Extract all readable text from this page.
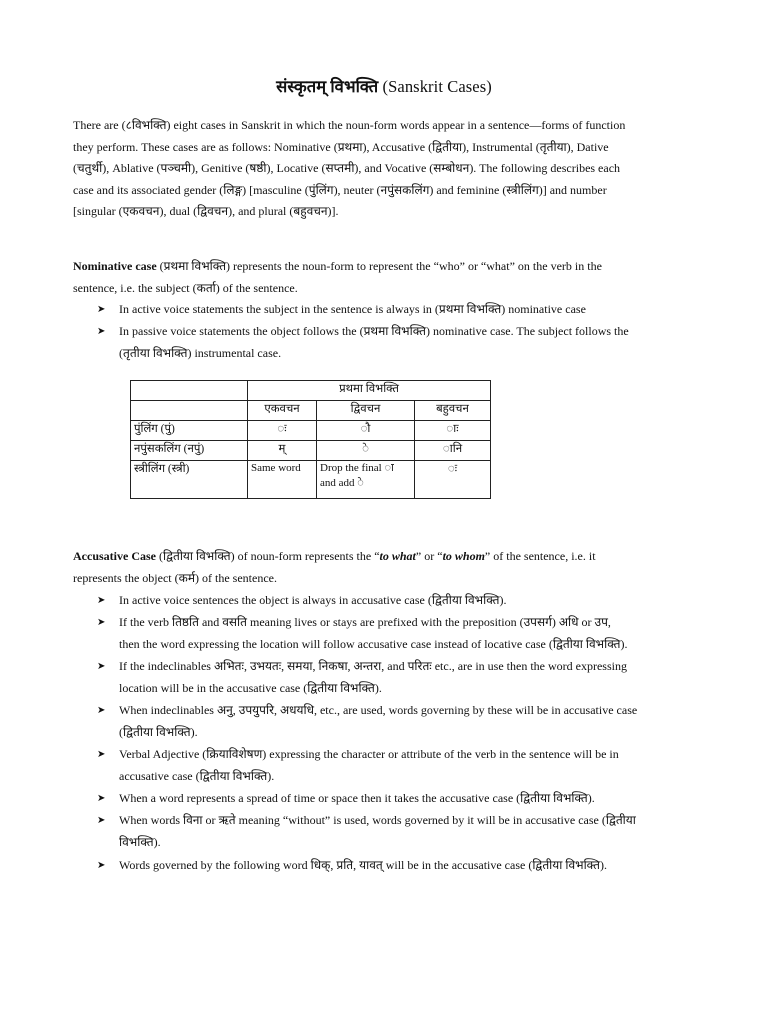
संस्कृतम् विभक्ति (Sanskrit Cases)
There are (८विभक्ति) eight cases in Sanskrit in which the noun-form words appear in a sentence—forms of function
they perform. These cases are as follows: Nominative (प्रथमा), Accusative (द्वितीया), Instrumental (तृतीया), Dative
(चतुर्थी), Ablative (पञ्चमी), Genitive (षष्ठी), Locative (सप्तमी), and Vocative (सम्बोधन). The following describes each
case and its associated gender (लिङ्ग) [masculine (पुंलिंग), neuter (नपुंसकलिंग) and feminine (स्त्रीलिंग)] and number
[singular (एकवचन), dual (द्विवचन), and plural (बहुवचन)].
Nominative case (प्रथमा विभक्ति) represents the noun-form to represent the “who” or “what” on the verb in the
sentence, i.e. the subject (कर्ता) of the sentence.
➤ In active voice statements the subject in the sentence is always in (प्रथमा विभक्ति) nominative case
➤ In passive voice statements the object follows the (प्रथमा विभक्ति) nominative case. The subject follows the
(तृतीया विभक्ति) instrumental case.
	प्रथमा विभक्ति		
	एकवचन	द्विवचन	बहुवचन
पुंलिंग (पुं)	ः	ौ	ाः
नपुंसकलिंग (नपुं)	म्	े	ानि
स्त्रीलिंग (स्त्री)	Same word	Drop the final ा and add े	ः
Accusative Case (द्वितीया विभक्ति) of noun-form represents the “to what” or “to whom” of the sentence, i.e. it
represents the object (कर्म) of the sentence.
➤ In active voice sentences the object is always in accusative case (द्वितीया विभक्ति).
➤ If the verb तिष्ठति and वसति meaning lives or stays are prefixed with the preposition (उपसर्ग) अधि or उप,
then the word expressing the location will follow accusative case instead of locative case (द्वितीया विभक्ति).
➤ If the indeclinables अभितः, उभयतः, समया, निकषा, अन्तरा, and परितः etc., are in use then the word expressing
location will be in the accusative case (द्वितीया विभक्ति).
➤ When indeclinables अनु, उपयुपरि, अधयधि, etc., are used, words governing by these will be in accusative case
(द्वितीया विभक्ति).
➤ Verbal Adjective (क्रियाविशेषण) expressing the character or attribute of the verb in the sentence will be in
accusative case (द्वितीया विभक्ति).
➤ When a word represents a spread of time or space then it takes the accusative case (द्वितीया विभक्ति).
➤ When words विना or ऋते meaning “without” is used, words governed by it will be in accusative case (द्वितीया
विभक्ति).
➤ Words governed by the following word धिक्, प्रति, यावत् will be in the accusative case (द्वितीया विभक्ति).
